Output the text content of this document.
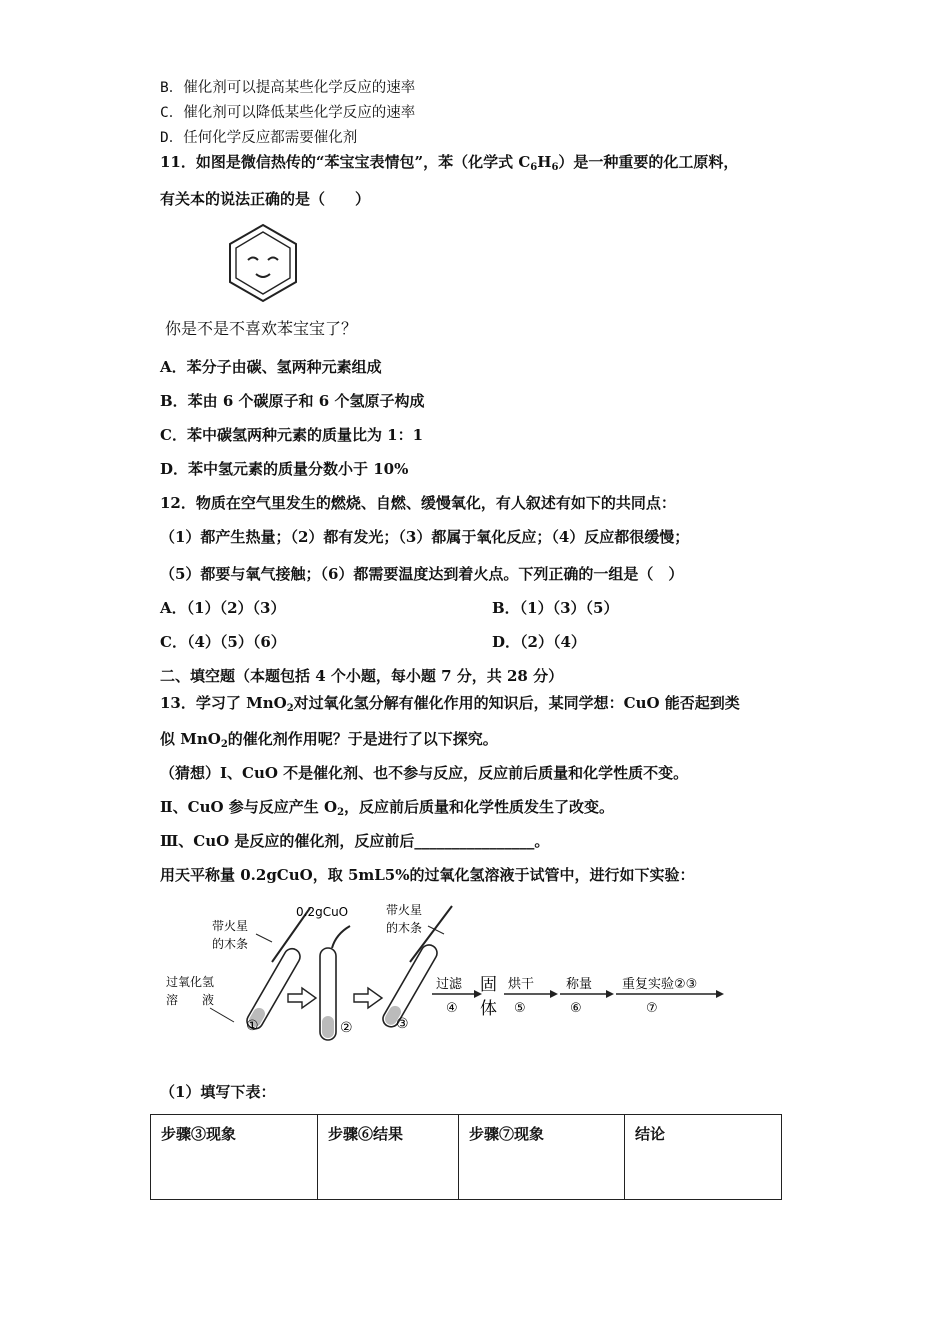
B．催化剂可以提高某些化学反应的速率
C．催化剂可以降低某些化学反应的速率
D．任何化学反应都需要催化剂
11．如图是微信热传的“苯宝宝表情包”，苯（化学式 $C_6H_6$）是一种重要的化工原料，
有关本的说法正确的是（　　）
你是不是不喜欢苯宝宝了？
A．苯分子由碳、氢两种元素组成
B．苯由 6 个碳原子和 6 个氢原子构成
C．苯中碳氢两种元素的质量比为 1：1
D．苯中氢元素的质量分数小于 10%
12．物质在空气里发生的燃烧、自燃、缓慢氧化，有人叙述有如下的共同点：
（1）都产生热量；（2）都有发光；（3）都属于氧化反应；（4）反应都很缓慢；
（5）都要与氧气接触；（6）都需要温度达到着火点。下列正确的一组是（　）
A．（1）（2）（3）	B．（1）（3）（5）
C．（4）（5）（6）	D．（2）（4）
二、填空题（本题包括 4 个小题，每小题 7 分，共 28 分）
13．学习了 MnO$_2$对过氧化氢分解有催化作用的知识后，某同学想：CuO 能否起到类
似 MnO$_2$的催化剂作用呢？于是进行了以下探究。
（猜想）Ⅰ、CuO 不是催化剂、也不参与反应，反应前后质量和化学性质不变。
Ⅱ、CuO 参与反应产生 $O_2$，反应前后质量和化学性质发生了改变。
Ⅲ、CuO 是反应的催化剂，反应前后________________。
用天平称量 0.2gCuO，取 5mL5%的过氧化氢溶液于试管中，进行如下实验：
带火星
的木条
过氧化氢
溶　　液
①
0.2gCuO
②
带火星
的木条
③
过滤
④
固
体
烘干
⑤
称量
⑥
重复实验②③
⑦
（1）填写下表：
步骤③现象	步骤⑥结果	步骤⑦现象	结论
